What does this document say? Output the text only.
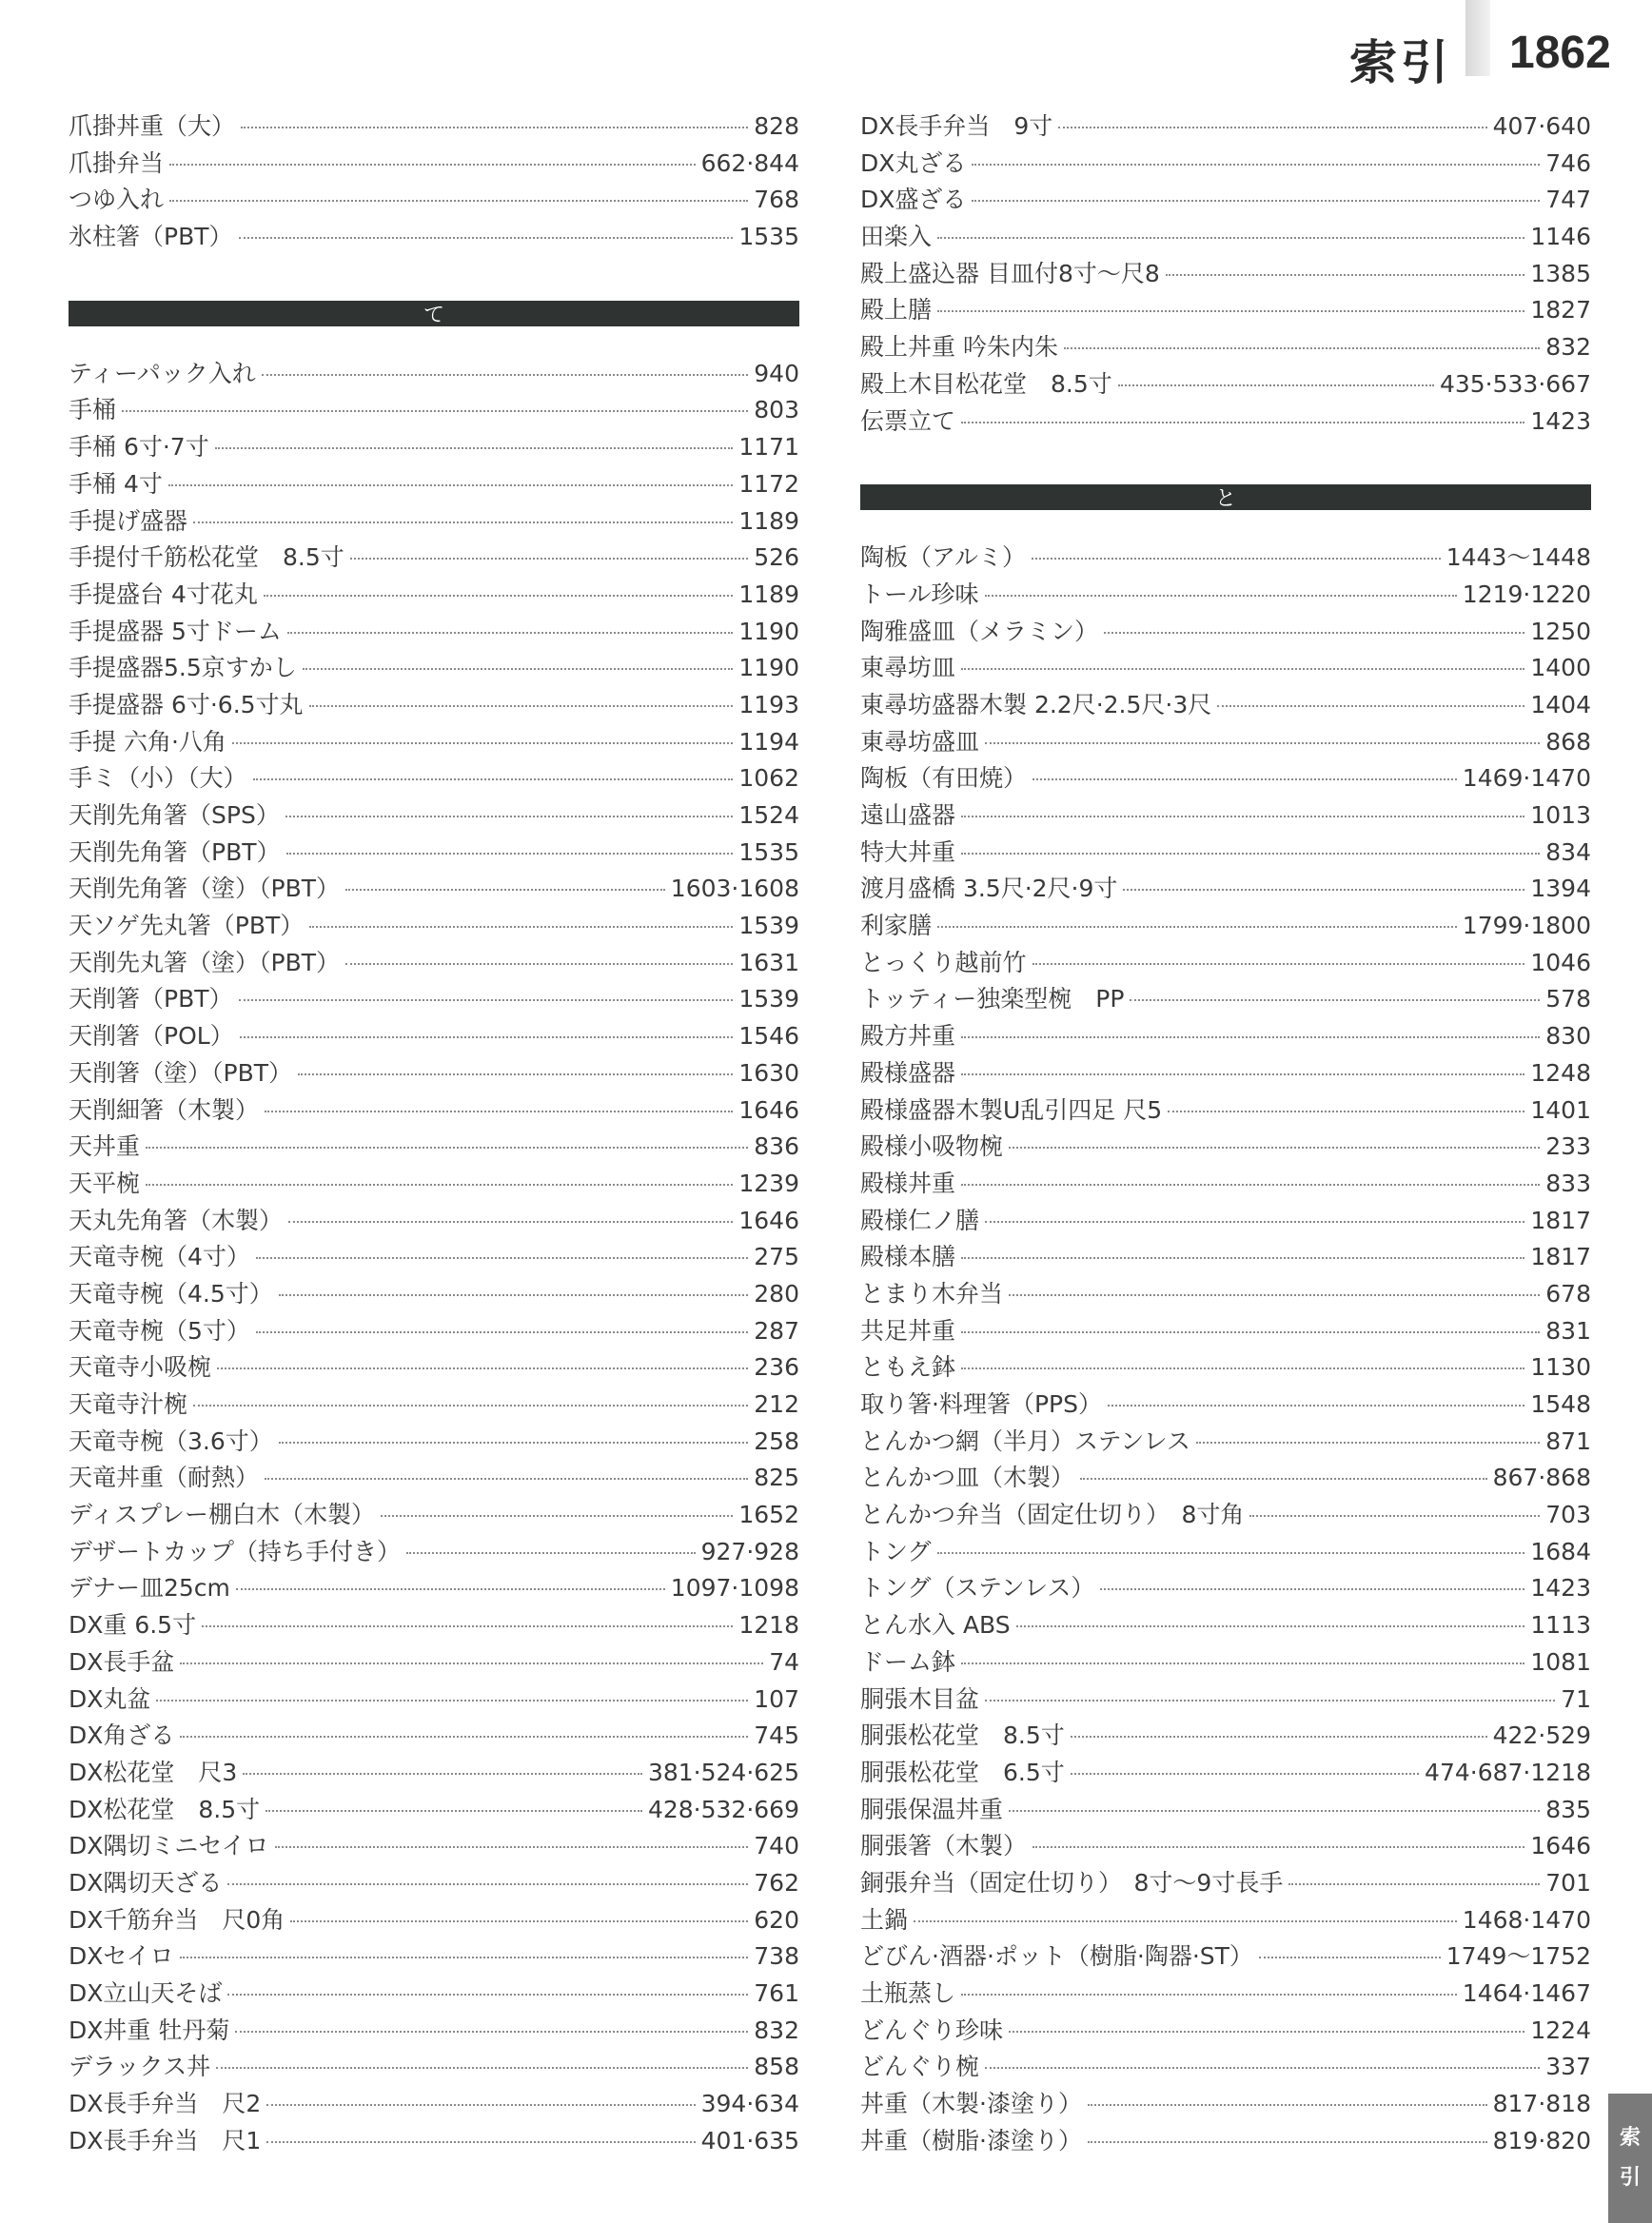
索引 1862
爪掛丼重（大）	828
爪掛弁当	662·844
つゆ入れ	768
氷柱箸（PBT）	1535
て
ティーパック入れ	940
手桶	803
手桶 6寸·7寸	1171
手桶 4寸	1172
手提げ盛器	1189
手提付千筋松花堂　8.5寸	526
手提盛台 4寸花丸	1189
手提盛器 5寸ドーム	1190
手提盛器5.5京すかし	1190
手提盛器 6寸·6.5寸丸	1193
手提 六角·八角	1194
手ミ（小）（大）	1062
天削先角箸（SPS）	1524
天削先角箸（PBT）	1535
天削先角箸（塗）（PBT）	1603·1608
天ソゲ先丸箸（PBT）	1539
天削先丸箸（塗）（PBT）	1631
天削箸（PBT）	1539
天削箸（POL）	1546
天削箸（塗）（PBT）	1630
天削細箸（木製）	1646
天丼重	836
天平椀	1239
天丸先角箸（木製）	1646
天竜寺椀（4寸）	275
天竜寺椀（4.5寸）	280
天竜寺椀（5寸）	287
天竜寺小吸椀	236
天竜寺汁椀	212
天竜寺椀（3.6寸）	258
天竜丼重（耐熱）	825
ディスプレー棚白木（木製）	1652
デザートカップ（持ち手付き）	927·928
デナー皿25cm	1097·1098
DX重 6.5寸	1218
DX長手盆	74
DX丸盆	107
DX角ざる	745
DX松花堂　尺3	381·524·625
DX松花堂　8.5寸	428·532·669
DX隅切ミニセイロ	740
DX隅切天ざる	762
DX千筋弁当　尺0角	620
DXセイロ	738
DX立山天そば	761
DX丼重 牡丹菊	832
デラックス丼	858
DX長手弁当　尺2	394·634
DX長手弁当　尺1	401·635
DX長手弁当　9寸	407·640
DX丸ざる	746
DX盛ざる	747
田楽入	1146
殿上盛込器 目皿付8寸～尺8	1385
殿上膳	1827
殿上丼重 吟朱内朱	832
殿上木目松花堂　8.5寸	435·533·667
伝票立て	1423
と
陶板（アルミ）	1443～1448
トール珍味	1219·1220
陶雅盛皿（メラミン）	1250
東尋坊皿	1400
東尋坊盛器木製 2.2尺·2.5尺·3尺	1404
東尋坊盛皿	868
陶板（有田焼）	1469·1470
遠山盛器	1013
特大丼重	834
渡月盛橋 3.5尺·2尺·9寸	1394
利家膳	1799·1800
とっくり越前竹	1046
トッティー独楽型椀　PP	578
殿方丼重	830
殿様盛器	1248
殿様盛器木製U乱引四足 尺5	1401
殿様小吸物椀	233
殿様丼重	833
殿様仁ノ膳	1817
殿様本膳	1817
とまり木弁当	678
共足丼重	831
ともえ鉢	1130
取り箸·料理箸（PPS）	1548
とんかつ網（半月）ステンレス	871
とんかつ皿（木製）	867·868
とんかつ弁当（固定仕切り）　8寸角	703
トング	1684
トング（ステンレス）	1423
とん水入 ABS	1113
ドーム鉢	1081
胴張木目盆	71
胴張松花堂　8.5寸	422·529
胴張松花堂　6.5寸	474·687·1218
胴張保温丼重	835
胴張箸（木製）	1646
銅張弁当（固定仕切り）　8寸～9寸長手	701
土鍋	1468·1470
どびん·酒器·ポット（樹脂·陶器·ST）	1749～1752
土瓶蒸し	1464·1467
どんぐり珍味	1224
どんぐり椀	337
丼重（木製·漆塗り）	817·818
丼重（樹脂·漆塗り）	819·820 索
引
